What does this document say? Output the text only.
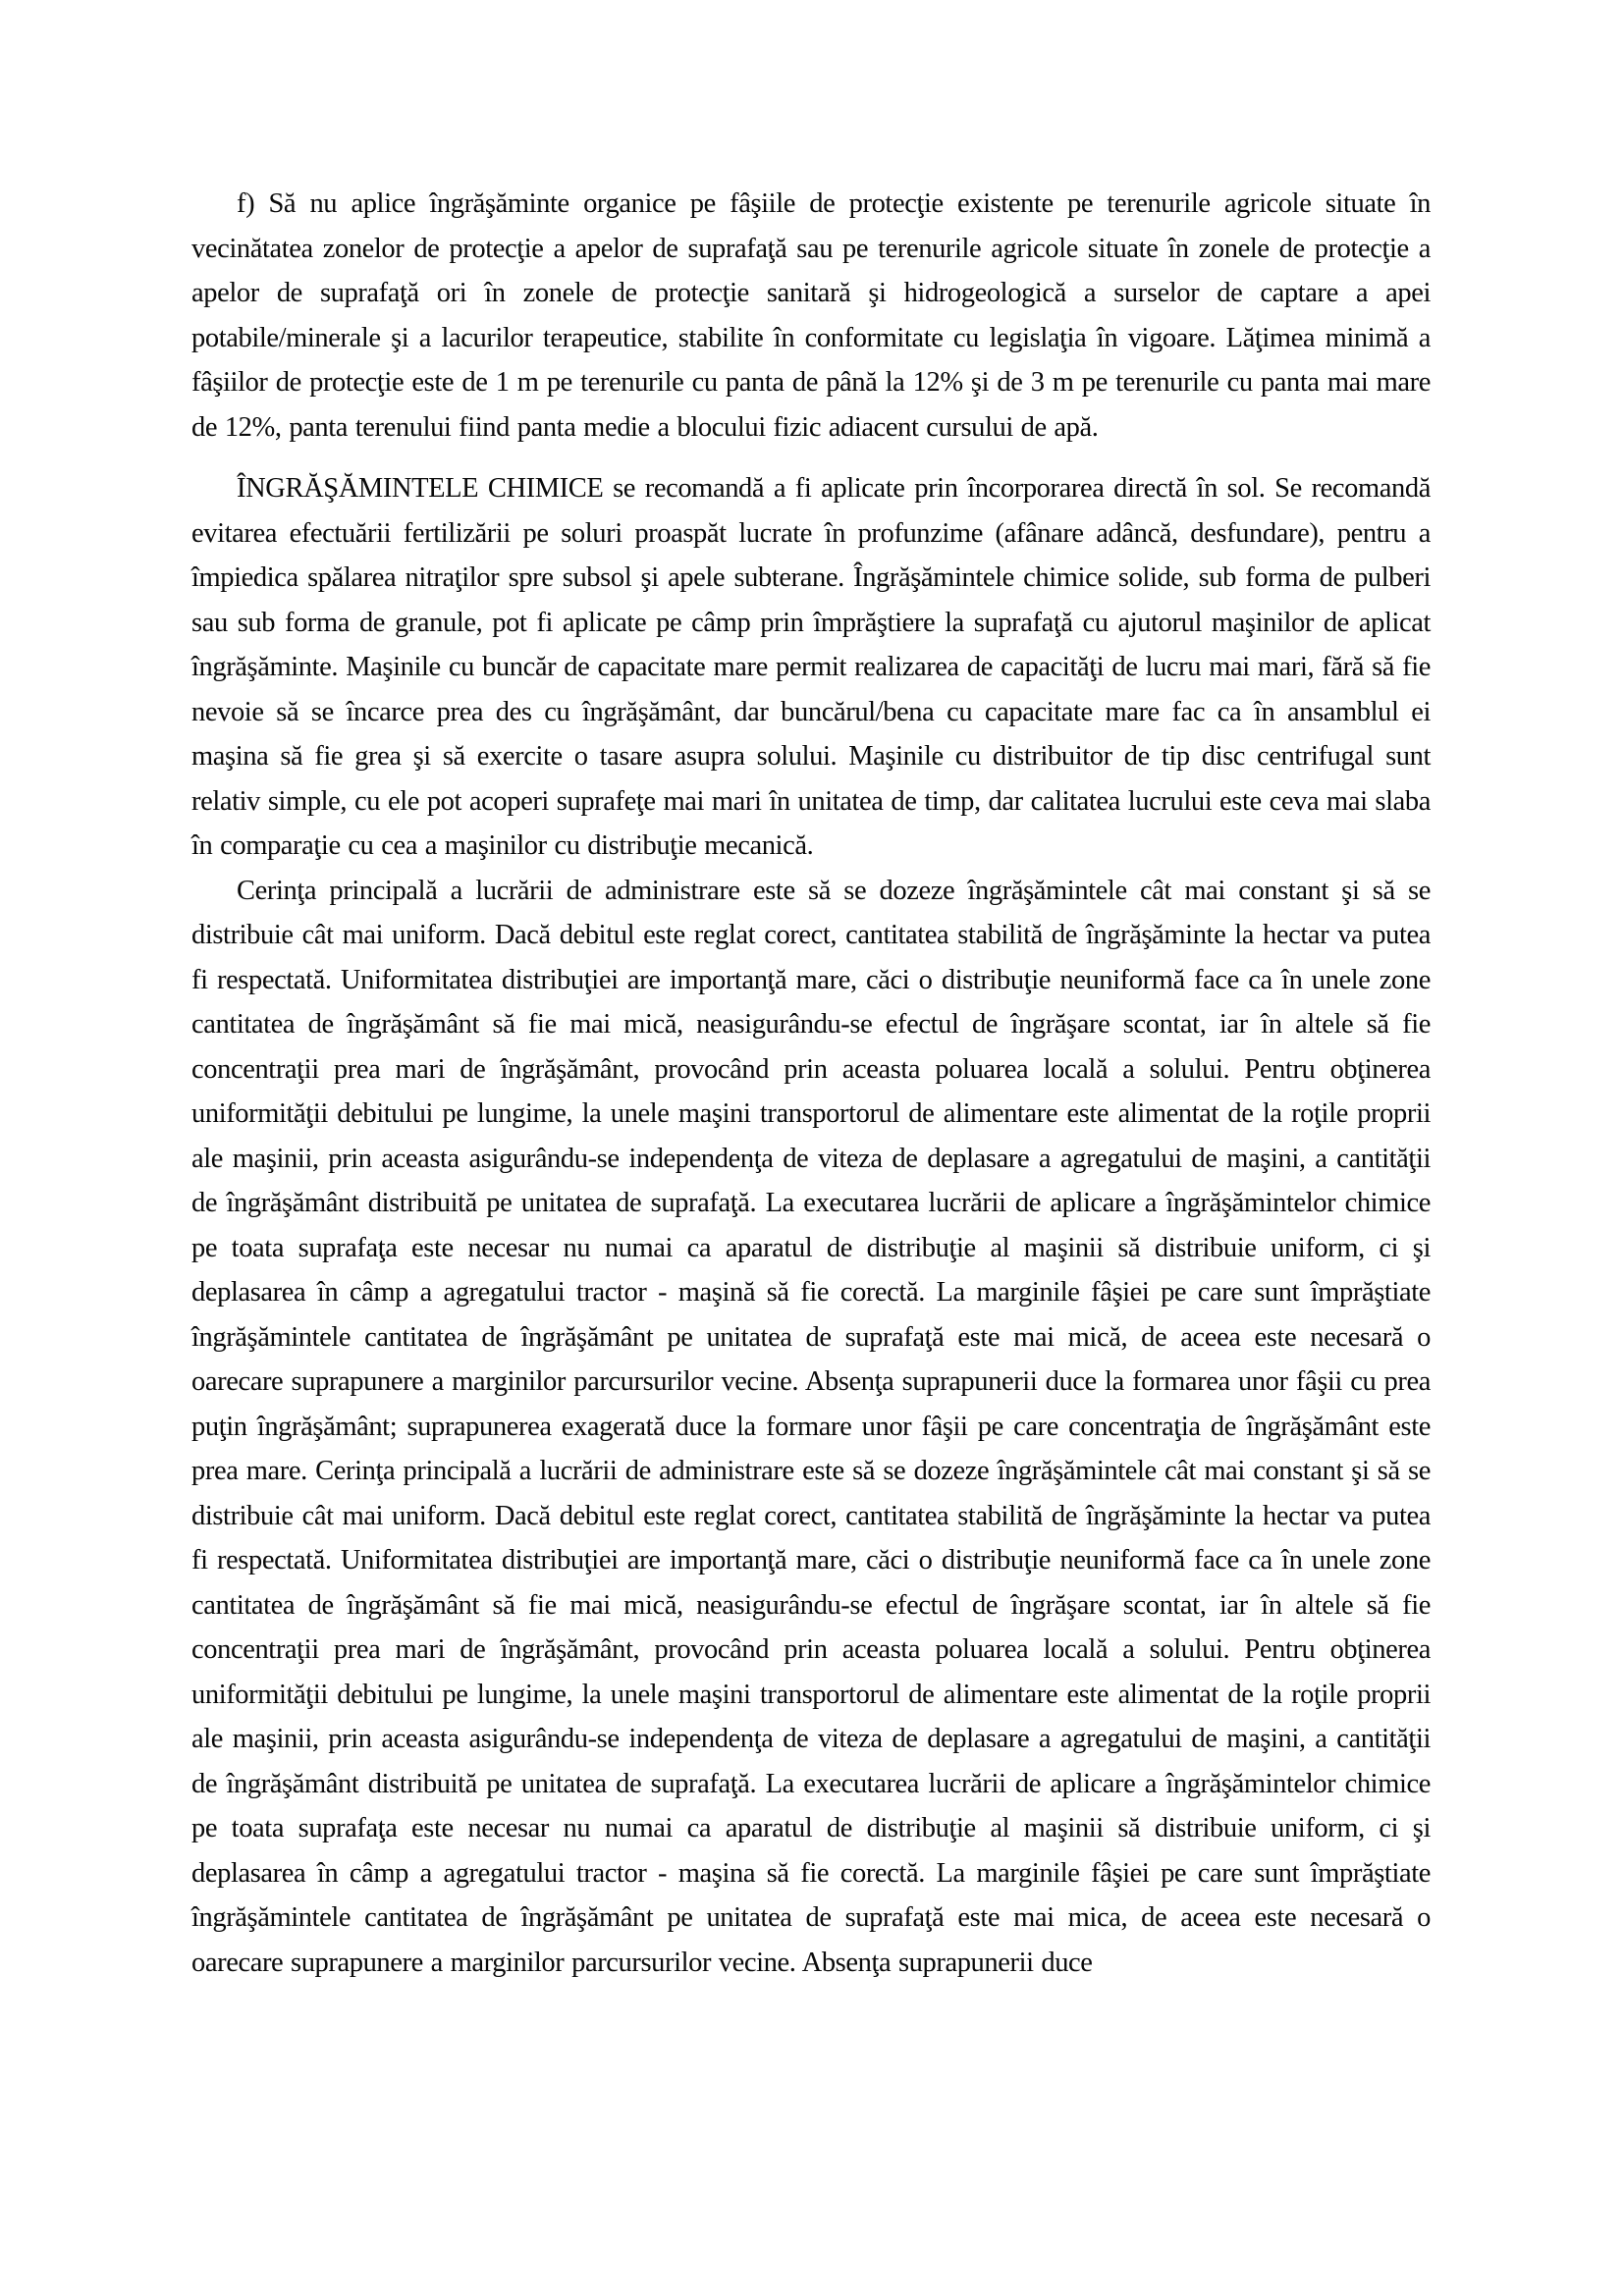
f) Să nu aplice îngrăşăminte organice pe fâşiile de protecţie existente pe terenurile agricole situate în vecinătatea zonelor de protecţie a apelor de suprafaţă sau pe terenurile agricole situate în zonele de protecţie a apelor de suprafaţă ori în zonele de protecţie sanitară şi hidrogeologică a surselor de captare a apei potabile/minerale şi a lacurilor terapeutice, stabilite în conformitate cu legislaţia în vigoare. Lăţimea minimă a fâşiilor de protecţie este de 1 m pe terenurile cu panta de până la 12% şi de 3 m pe terenurile cu panta mai mare de 12%, panta terenului fiind panta medie a blocului fizic adiacent cursului de apă.

ÎNGRĂŞĂMINTELE CHIMICE se recomandă a fi aplicate prin încorporarea directă în sol. Se recomandă evitarea efectuării fertilizării pe soluri proaspăt lucrate în profunzime (afânare adâncă, desfundare), pentru a împiedica spălarea nitraţilor spre subsol şi apele subterane. Îngrăşămintele chimice solide, sub forma de pulberi sau sub forma de granule, pot fi aplicate pe câmp prin împrăştiere la suprafaţă cu ajutorul maşinilor de aplicat îngrăşăminte. Maşinile cu buncăr de capacitate mare permit realizarea de capacităţi de lucru mai mari, fără să fie nevoie să se încarce prea des cu îngrăşământ, dar buncărul/bena cu capacitate mare fac ca în ansamblul ei maşina să fie grea şi să exercite o tasare asupra solului. Maşinile cu distribuitor de tip disc centrifugal sunt relativ simple, cu ele pot acoperi suprafeţe mai mari în unitatea de timp, dar calitatea lucrului este ceva mai slaba în comparaţie cu cea a maşinilor cu distribuţie mecanică.

Cerinţa principală a lucrării de administrare este să se dozeze îngrăşămintele cât mai constant şi să se distribuie cât mai uniform. Dacă debitul este reglat corect, cantitatea stabilită de îngrăşăminte la hectar va putea fi respectată. Uniformitatea distribuţiei are importanţă mare, căci o distribuţie neuniformă face ca în unele zone cantitatea de îngrăşământ să fie mai mică, neasigurându-se efectul de îngrăşare scontat, iar în altele să fie concentraţii prea mari de îngrăşământ, provocând prin aceasta poluarea locală a solului. Pentru obţinerea uniformităţii debitului pe lungime, la unele maşini transportorul de alimentare este alimentat de la roţile proprii ale maşinii, prin aceasta asigurându-se independenţa de viteza de deplasare a agregatului de maşini, a cantităţii de îngrăşământ distribuită pe unitatea de suprafaţă. La executarea lucrării de aplicare a îngrăşămintelor chimice pe toata suprafaţa este necesar nu numai ca aparatul de distribuţie al maşinii să distribuie uniform, ci şi deplasarea în câmp a agregatului tractor - maşină să fie corectă. La marginile fâşiei pe care sunt împrăştiate îngrăşămintele cantitatea de îngrăşământ pe unitatea de suprafaţă este mai mică, de aceea este necesară o oarecare suprapunere a marginilor parcursurilor vecine. Absenţa suprapunerii duce la formarea unor fâşii cu prea puţin îngrăşământ; suprapunerea exagerată duce la formare unor fâşii pe care concentraţia de îngrăşământ este prea mare. Cerinţa principală a lucrării de administrare este să se dozeze îngrăşămintele cât mai constant şi să se distribuie cât mai uniform. Dacă debitul este reglat corect, cantitatea stabilită de îngrăşăminte la hectar va putea fi respectată. Uniformitatea distribuţiei are importanţă mare, căci o distribuţie neuniformă face ca în unele zone cantitatea de îngrăşământ să fie mai mică, neasigurându-se efectul de îngrăşare scontat, iar în altele să fie concentraţii prea mari de îngrăşământ, provocând prin aceasta poluarea locală a solului. Pentru obţinerea uniformităţii debitului pe lungime, la unele maşini transportorul de alimentare este alimentat de la roţile proprii ale maşinii, prin aceasta asigurându-se independenţa de viteza de deplasare a agregatului de maşini, a cantităţii de îngrăşământ distribuită pe unitatea de suprafaţă. La executarea lucrării de aplicare a îngrăşămintelor chimice pe toata suprafaţa este necesar nu numai ca aparatul de distribuţie al maşinii să distribuie uniform, ci şi deplasarea în câmp a agregatului tractor - maşina să fie corectă. La marginile fâşiei pe care sunt împrăştiate îngrăşămintele cantitatea de îngrăşământ pe unitatea de suprafaţă este mai mica, de aceea este necesară o oarecare suprapunere a marginilor parcursurilor vecine. Absenţa suprapunerii duce
